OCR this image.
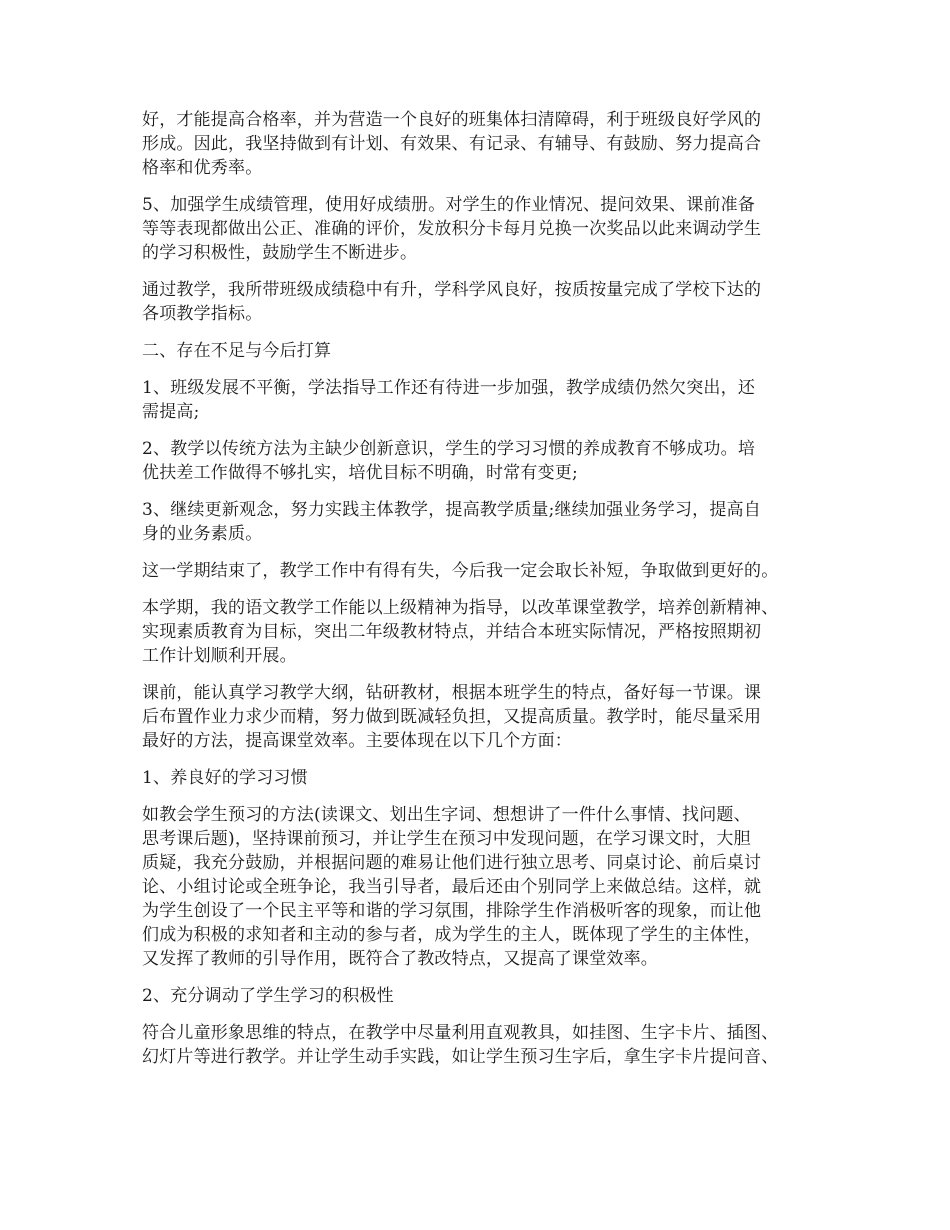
好，才能提高合格率，并为营造一个良好的班集体扫清障碍，利于班级良好学风的
形成。因此，我坚持做到有计划、有效果、有记录、有辅导、有鼓励、努力提高合
格率和优秀率。

5、加强学生成绩管理，使用好成绩册。对学生的作业情况、提问效果、课前准备
等等表现都做出公正、准确的评价，发放积分卡每月兑换一次奖品以此来调动学生
的学习积极性，鼓励学生不断进步。

通过教学，我所带班级成绩稳中有升，学科学风良好，按质按量完成了学校下达的
各项教学指标。

二、存在不足与今后打算

1、班级发展不平衡，学法指导工作还有待进一步加强，教学成绩仍然欠突出，还
需提高;

2、教学以传统方法为主缺少创新意识，学生的学习习惯的养成教育不够成功。培
优扶差工作做得不够扎实，培优目标不明确，时常有变更;

3、继续更新观念，努力实践主体教学，提高教学质量;继续加强业务学习，提高自
身的业务素质。

这一学期结束了，教学工作中有得有失，今后我一定会取长补短，争取做到更好的。

本学期，我的语文教学工作能以上级精神为指导，以改革课堂教学，培养创新精神、
实现素质教育为目标，突出二年级教材特点，并结合本班实际情况，严格按照期初
工作计划顺利开展。

课前，能认真学习教学大纲，钻研教材，根据本班学生的特点，备好每一节课。课
后布置作业力求少而精，努力做到既减轻负担，又提高质量。教学时，能尽量采用
最好的方法，提高课堂效率。主要体现在以下几个方面：

1、养良好的学习习惯

如教会学生预习的方法(读课文、划出生字词、想想讲了一件什么事情、找问题、
思考课后题)，坚持课前预习，并让学生在预习中发现问题，在学习课文时，大胆
质疑，我充分鼓励，并根据问题的难易让他们进行独立思考、同桌讨论、前后桌讨
论、小组讨论或全班争论，我当引导者，最后还由个别同学上来做总结。这样，就
为学生创设了一个民主平等和谐的学习氛围，排除学生作消极听客的现象，而让他
们成为积极的求知者和主动的参与者，成为学生的主人，既体现了学生的主体性，
又发挥了教师的引导作用，既符合了教改特点，又提高了课堂效率。

2、充分调动了学生学习的积极性

符合儿童形象思维的特点，在教学中尽量利用直观教具，如挂图、生字卡片、插图、
幻灯片等进行教学。并让学生动手实践，如让学生预习生字后，拿生字卡片提问音、
